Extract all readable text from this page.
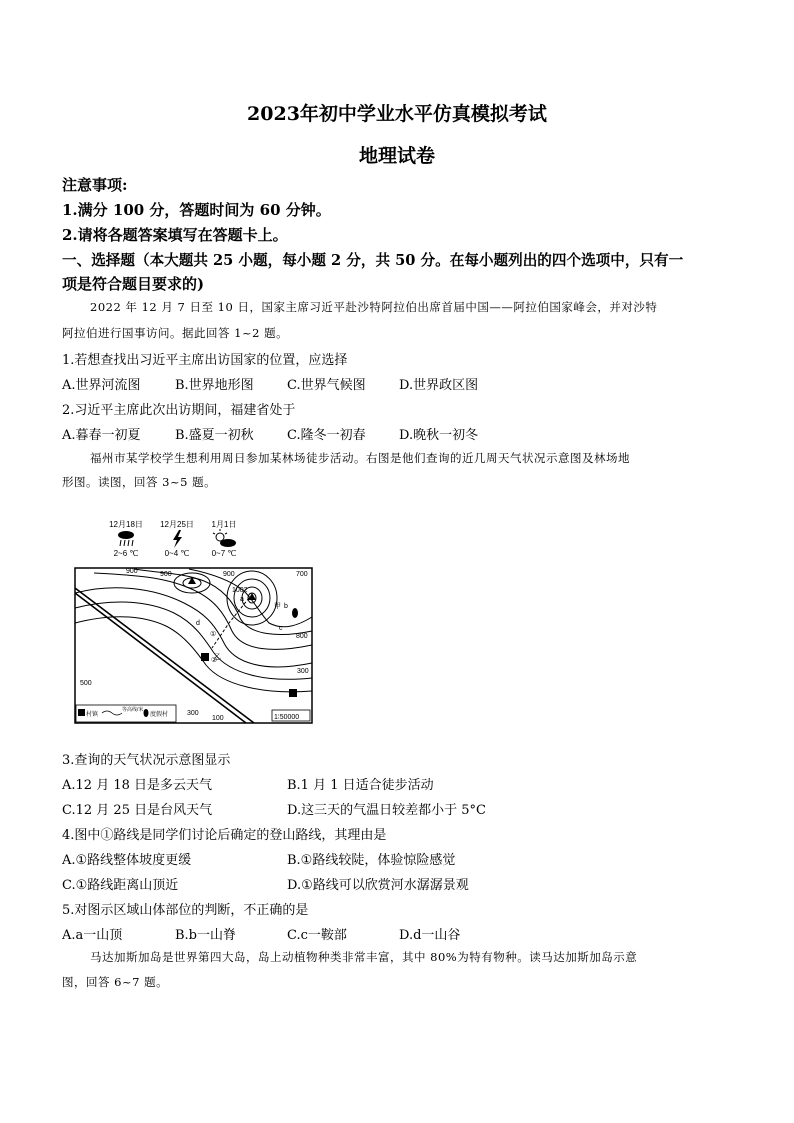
2023年初中学业水平仿真模拟考试
地理试卷
注意事项:
1.满分 100 分，答题时间为 60 分钟。
2.请将各题答案填写在答题卡上。
一、选择题（本大题共 25 小题，每小题 2 分，共 50 分。在每小题列出的四个选项中，只有一
项是符合题目要求的)
2022 年 12 月 7 日至 10 日，国家主席习近平赴沙特阿拉伯出席首届中国——阿拉伯国家峰会，并对沙特
阿拉伯进行国事访问。据此回答 1~2 题。
1.若想查找出习近平主席出访国家的位置，应选择
A.世界河流图	B.世界地形图	C.世界气候图	D.世界政区图
2.习近平主席此次出访期间，福建省处于
A.暮春一初夏	B.盛夏一初秋	C.隆冬一初春	D.晚秋一初冬
福州市某学校学生想利用周日参加某林场徒步活动。右图是他们查询的近几周天气状况示意图及林场地
形图。读图，回答 3~5 题。
12月18日 12月25日 1月1日
2~6 ℃	0~4 ℃	0~7 ℃
900	900	900	700
1002
a
b
c
d
①
②
800
500
300
100
300
甲
乙
村镇
等高线/米
度假村	1∶50000
3.查询的天气状况示意图显示
A.12 月 18 日是多云天气	B.1 月 1 日适合徒步活动
C.12 月 25 日是台风天气	D.这三天的气温日较差都小于 5°C
4.图中①路线是同学们讨论后确定的登山路线，其理由是
A.①路线整体坡度更缓	B.①路线较陡，体验惊险感觉
C.①路线距离山顶近	D.①路线可以欣赏河水潺潺景观
5.对图示区域山体部位的判断，不正确的是
A.a一山顶	B.b一山脊	C.c一鞍部	D.d一山谷
马达加斯加岛是世界第四大岛，岛上动植物种类非常丰富，其中 80%为特有物种。读马达加斯加岛示意
图，回答 6~7 题。
